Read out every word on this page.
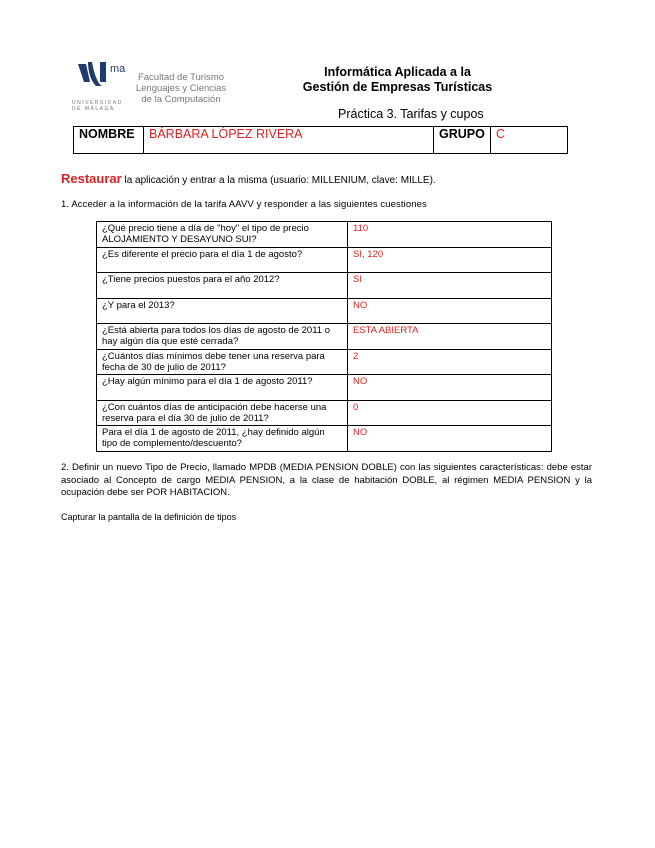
ma
UNIVERSIDAD
DE MÁLAGA
Facultad de Turismo
Lenguajes y Ciencias
de la Computación
Informática Aplicada a la
Gestión de Empresas Turísticas
Práctica 3. Tarifas y cupos
NOMBRE	BÁRBARA LÓPEZ RIVERA	GRUPO	C
Restaurar la aplicación y entrar a la misma (usuario: MILLENIUM, clave: MILLE).
1. Acceder a la información de la tarifa AAVV y responder a las siguientes cuestiones
¿Qué precio tiene a día de "hoy" el tipo de precio ALOJAMIENTO Y DESAYUNO SUI?	110
¿Es diferente el precio para el día 1 de agosto?	SI, 120
¿Tiene precios puestos para el año 2012?	SI
¿Y para el 2013?	NO
¿Está abierta para todos los días de agosto de 2011 o hay algún día que esté cerrada?	ESTA ABIERTA
¿Cuántos días mínimos debe tener una reserva para fecha de 30 de julio de 2011?	2
¿Hay algún mínimo para el día 1 de agosto 2011?	NO
¿Con cuántos días de anticipación debe hacerse una reserva para el día 30 de julio de 2011?	0
Para el día 1 de agosto de 2011, ¿hay definido algún tipo de complemento/descuento?	NO
2. Definir un nuevo Tipo de Precio, llamado MPDB (MEDIA PENSION DOBLE) con las siguientes características: debe estar asociado al Concepto de cargo MEDIA PENSION, a la clase de habitación DOBLE, al régimen MEDIA PENSION y la ocupación debe ser POR HABITACION.
Capturar la pantalla de la definición de tipos
